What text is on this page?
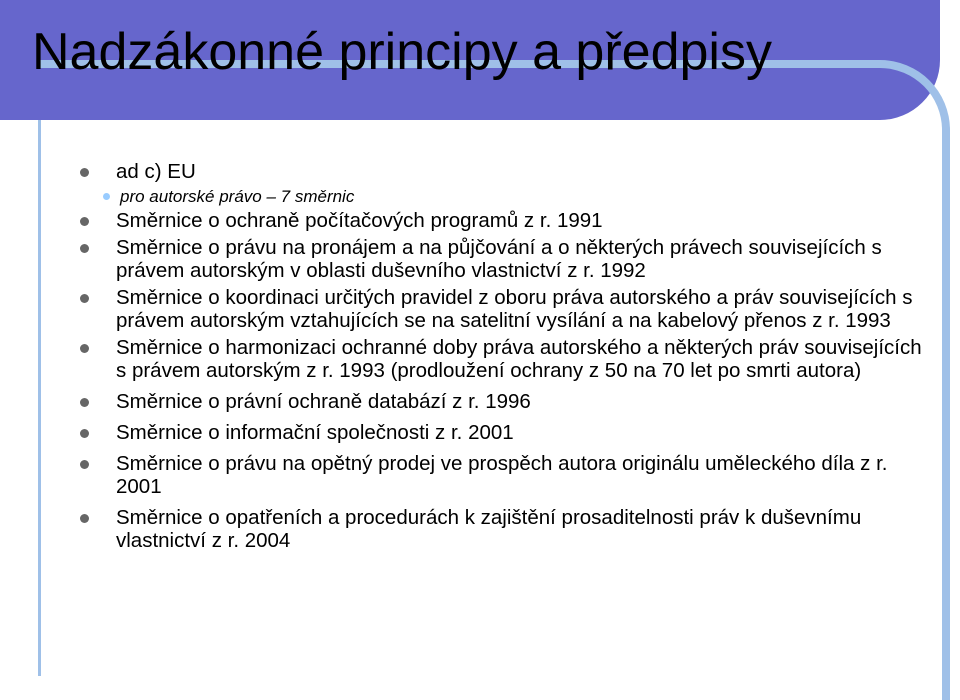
Nadzákonné principy a předpisy
ad c) EU
pro autorské právo – 7 směrnic
Směrnice o ochraně počítačových programů z r. 1991
Směrnice o právu na pronájem a na půjčování a o některých právech souvisejících s právem autorským v oblasti duševního vlastnictví z r. 1992
Směrnice o koordinaci určitých pravidel z oboru práva autorského a práv souvisejících s právem autorským vztahujících se na satelitní vysílání a na kabelový přenos z r. 1993
Směrnice o harmonizaci ochranné doby práva autorského a některých práv souvisejících s právem autorským z r. 1993 (prodloužení ochrany z 50 na 70 let po smrti autora)
Směrnice o právní ochraně databází z r. 1996
Směrnice o informační společnosti z r. 2001
Směrnice o právu na opětný prodej ve prospěch autora originálu uměleckého díla z r. 2001
Směrnice o opatřeních a procedurách k zajištění prosaditelnosti práv k duševnímu vlastnictví z r. 2004
